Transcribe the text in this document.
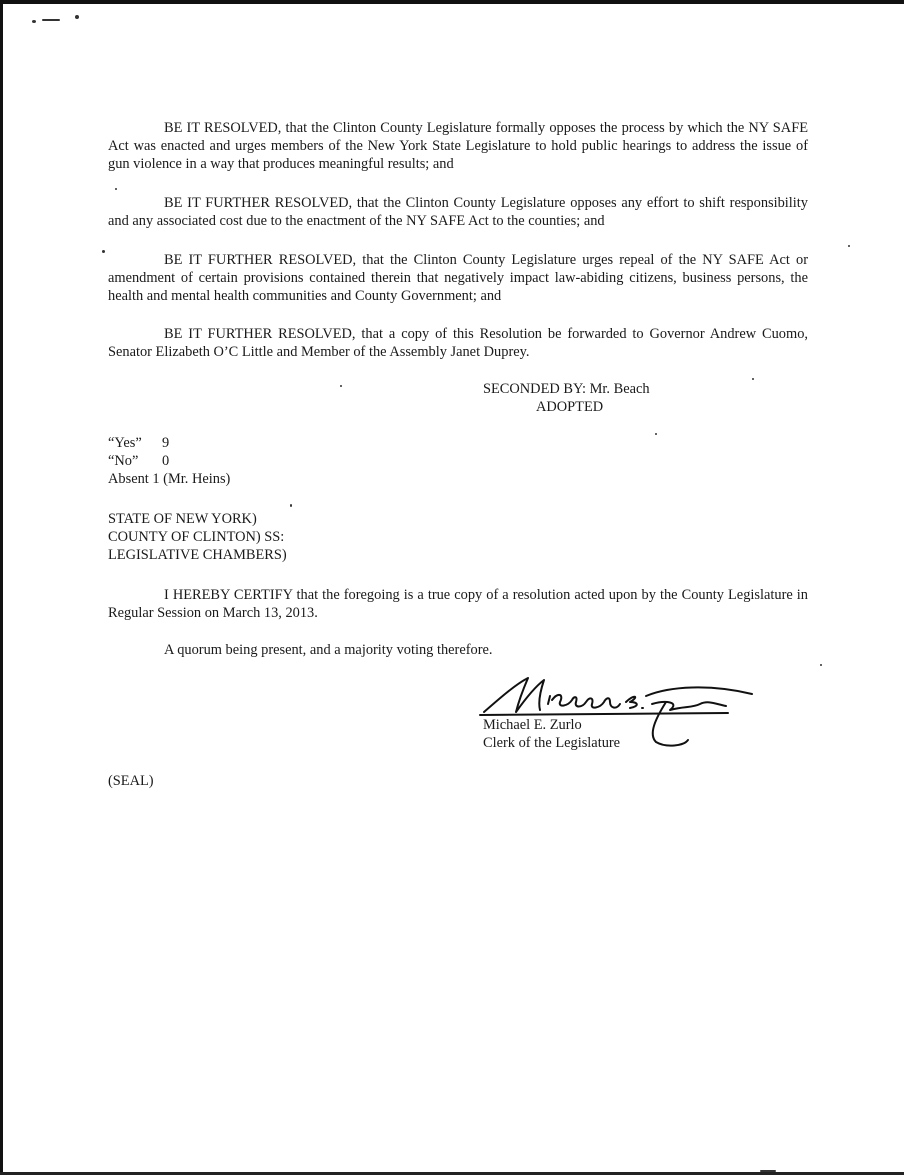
BE IT RESOLVED, that the Clinton County Legislature formally opposes the process by which the NY SAFE Act was enacted and urges members of the New York State Legislature to hold public hearings to address the issue of gun violence in a way that produces meaningful results; and

BE IT FURTHER RESOLVED, that the Clinton County Legislature opposes any effort to shift responsibility and any associated cost due to the enactment of the NY SAFE Act to the counties; and

BE IT FURTHER RESOLVED, that the Clinton County Legislature urges repeal of the NY SAFE Act or amendment of certain provisions contained therein that negatively impact law-abiding citizens, business persons, the health and mental health communities and County Government; and

BE IT FURTHER RESOLVED, that a copy of this Resolution be forwarded to Governor Andrew Cuomo, Senator Elizabeth O’C Little and Member of the Assembly Janet Duprey.

SECONDED BY: Mr. Beach

ADOPTED

“Yes”	9
“No”	0
Absent
1 (Mr. Heins)
STATE OF NEW YORK)
COUNTY OF CLINTON) SS:
LEGISLATIVE CHAMBERS)

I HEREBY CERTIFY that the foregoing is a true copy of a resolution acted upon by the County Legislature in Regular Session on March 13, 2013.

A quorum being present, and a majority voting therefore.

Michael E. Zurlo

Clerk of the Legislature

(SEAL)
